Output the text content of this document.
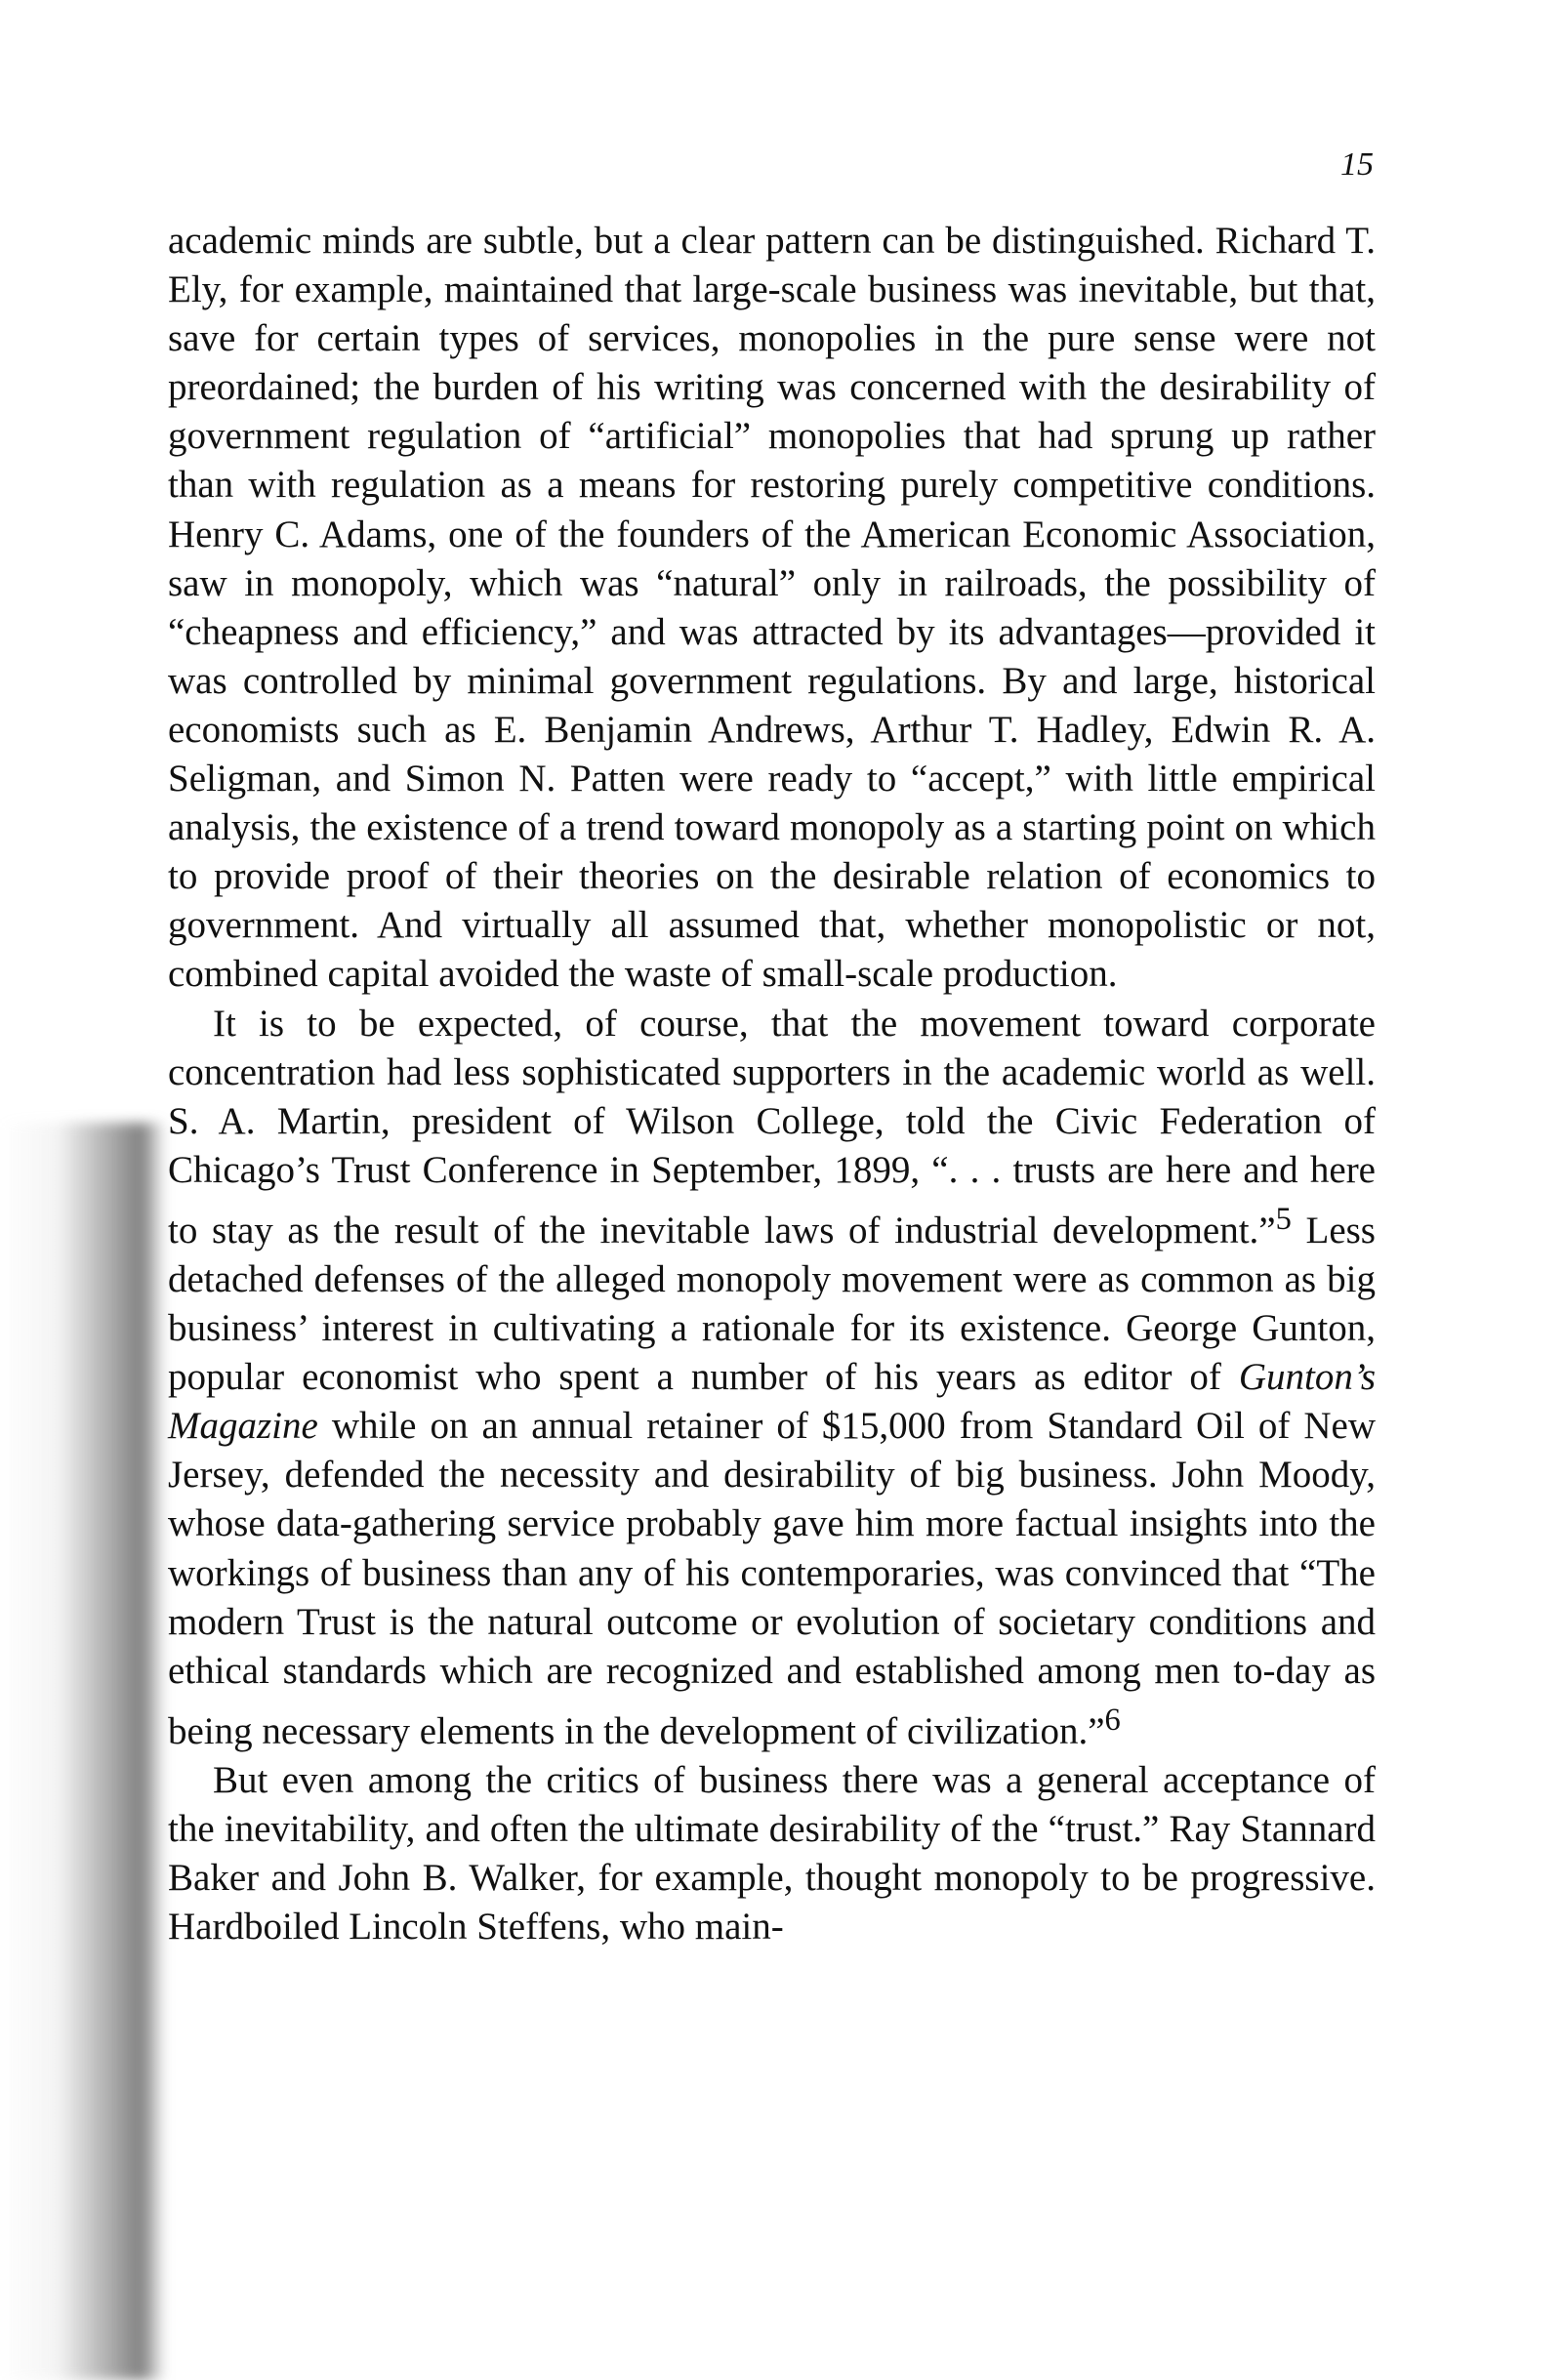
15

academic minds are subtle, but a clear pattern can be distinguished. Richard T. Ely, for example, maintained that large-scale business was inevitable, but that, save for certain types of services, monopolies in the pure sense were not preordained; the burden of his writing was concerned with the desirability of government regulation of “artificial” monopolies that had sprung up rather than with regulation as a means for restoring purely competitive conditions. Henry C. Adams, one of the founders of the American Economic Association, saw in monopoly, which was “natural” only in railroads, the possibility of “cheapness and efficiency,” and was attracted by its advantages—provided it was controlled by minimal government regulations. By and large, historical economists such as E. Benjamin Andrews, Arthur T. Hadley, Edwin R. A. Seligman, and Simon N. Patten were ready to “accept,” with little empirical analysis, the existence of a trend toward monopoly as a starting point on which to provide proof of their theories on the desirable relation of economics to government. And virtually all assumed that, whether monopolistic or not, combined capital avoided the waste of small-scale production.

It is to be expected, of course, that the movement toward corporate concentration had less sophisticated supporters in the academic world as well. S. A. Martin, president of Wilson College, told the Civic Federation of Chicago’s Trust Conference in September, 1899, “. . . trusts are here and here to stay as the result of the inevitable laws of industrial development.”$^5$ Less detached defenses of the alleged monopoly movement were as common as big business’ interest in cultivating a rationale for its existence. George Gunton, popular economist who spent a number of his years as editor of Gunton’s Magazine while on an annual retainer of $15,000 from Standard Oil of New Jersey, defended the necessity and desirability of big business. John Moody, whose data-gathering service probably gave him more factual insights into the workings of business than any of his contemporaries, was convinced that “The modern Trust is the natural outcome or evolution of societary conditions and ethical standards which are recognized and established among men to-day as being necessary elements in the development of civilization.”$^6$

But even among the critics of business there was a general acceptance of the inevitability, and often the ultimate desirability of the “trust.” Ray Stannard Baker and John B. Walker, for example, thought monopoly to be progressive. Hardboiled Lincoln Steffens, who main-
